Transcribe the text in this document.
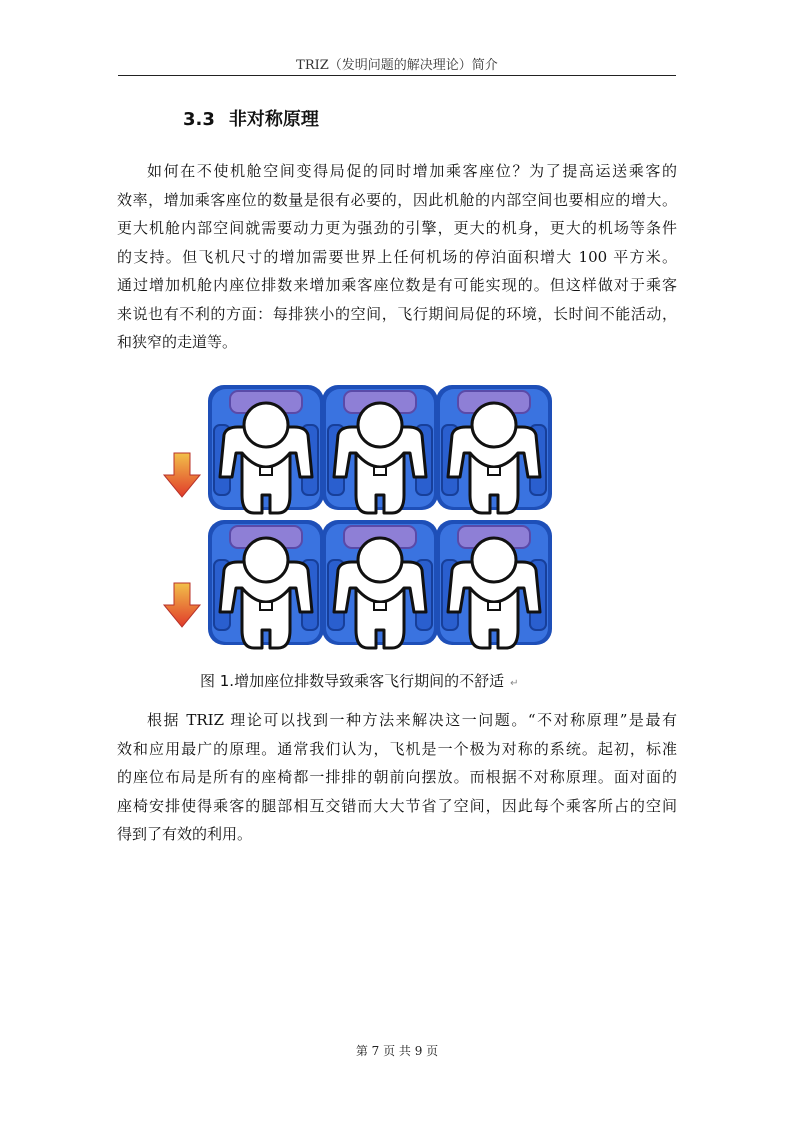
TRIZ（发明问题的解决理论）简介
3.3 非对称原理

如何在不使机舱空间变得局促的同时增加乘客座位？为了提高运送乘客的
效率，增加乘客座位的数量是很有必要的，因此机舱的内部空间也要相应的增大。
更大机舱内部空间就需要动力更为强劲的引擎，更大的机身，更大的机场等条件
的支持。但飞机尺寸的增加需要世界上任何机场的停泊面积增大 100 平方米。
通过增加机舱内座位排数来增加乘客座位数是有可能实现的。但这样做对于乘客
来说也有不利的方面：每排狭小的空间，飞行期间局促的环境，长时间不能活动，
和狭窄的走道等。

图 1.增加座位排数导致乘客飞行期间的不舒适 ↵

根据 TRIZ 理论可以找到一种方法来解决这一问题。“不对称原理”是最有
效和应用最广的原理。通常我们认为，飞机是一个极为对称的系统。起初，标准
的座位布局是所有的座椅都一排排的朝前向摆放。而根据不对称原理。面对面的
座椅安排使得乘客的腿部相互交错而大大节省了空间，因此每个乘客所占的空间
得到了有效的利用。

第 7 页 共 9 页
